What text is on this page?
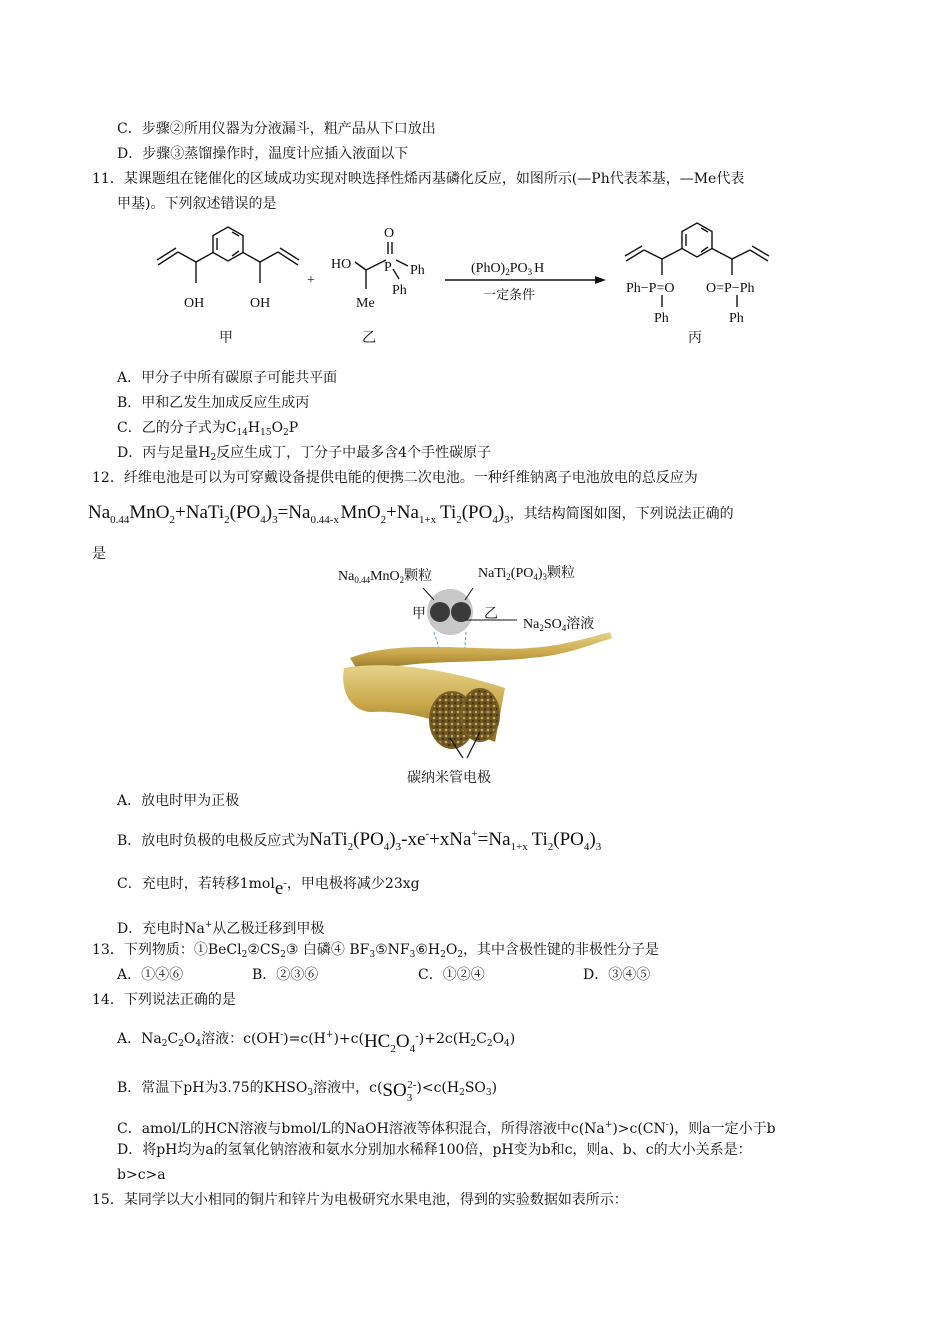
C．步骤②所用仪器为分液漏斗，粗产品从下口放出
D．步骤③蒸馏操作时，温度计应插入液面以下
11．某课题组在铑催化的区域成功实现对映选择性烯丙基磷化反应，如图所示(—Ph代表苯基，—Me代表
甲基)。下列叙述错误的是
OH	OH
+
HO P
O
Ph
Ph
Me
$(PhO)_2PO_3$ H
一定条件	Ph−P=O O=P−Ph
Ph	Ph
甲	乙	丙
A．甲分子中所有碳原子可能共平面
B．甲和乙发生加成反应生成丙
C．乙的分子式为$C_{14}H_{15}O_2P$
D．丙与足量$H_2$反应生成丁，丁分子中最多含4个手性碳原子
12．纤维电池是可以为可穿戴设备提供电能的便携二次电池。一种纤维钠离子电池放电的总反应为
$Na_{0.44}MnO_2+NaTi_2(PO_4)_3=Na_{0.44-x}$ $MnO_2+Na_{1+x}$  $Ti_2(PO_4)_3$，其结构简图如图，下列说法正确的
是
$Na_{0.44}MnO_2$颗粒	$NaTi_2(PO_4)_3$颗粒
甲	乙
$Na_2SO_4$溶液
碳纳米管电极
A．放电时甲为正极
B．放电时负极的电极反应式为$NaTi_2(PO_4)_3-xe^-+xNa^+=Na_{1+x}$  $Ti_2(PO_4)_3$
C．充电时，若转移1mole-，甲电极将减少23xg
D．充电时Na+从乙极迁移到甲极
13．下列物质：$①BeCl_2②CS_2③$ 白磷④ $BF_3⑤NF_3⑥H_2O_2$，其中含极性键的非极性分子是
A．①④⑥	B．②③⑥	C．①②④	D．③④⑤
14．下列说法正确的是
A．$Na_2C_2O_4$溶液：$c(OH^-)=c(H^+)+c(HC_2O_4^-)+2c(H_2C_2O_4)$
B．常温下pH为3.75的$KHSO_3$溶液中，$c(SO_3^{2-})<c(H_2SO_3)$
C．amol/L的HCN溶液与bmol/L的NaOH溶液等体积混合，所得溶液中c(Na+)>c(CN-)，则a一定小于b
D．将pH均为a的氢氧化钠溶液和氨水分别加水稀释100倍，pH变为b和c，则a、b、c的大小关系是：
b>c>a
15．某同学以大小相同的铜片和锌片为电极研究水果电池，得到的实验数据如表所示：
